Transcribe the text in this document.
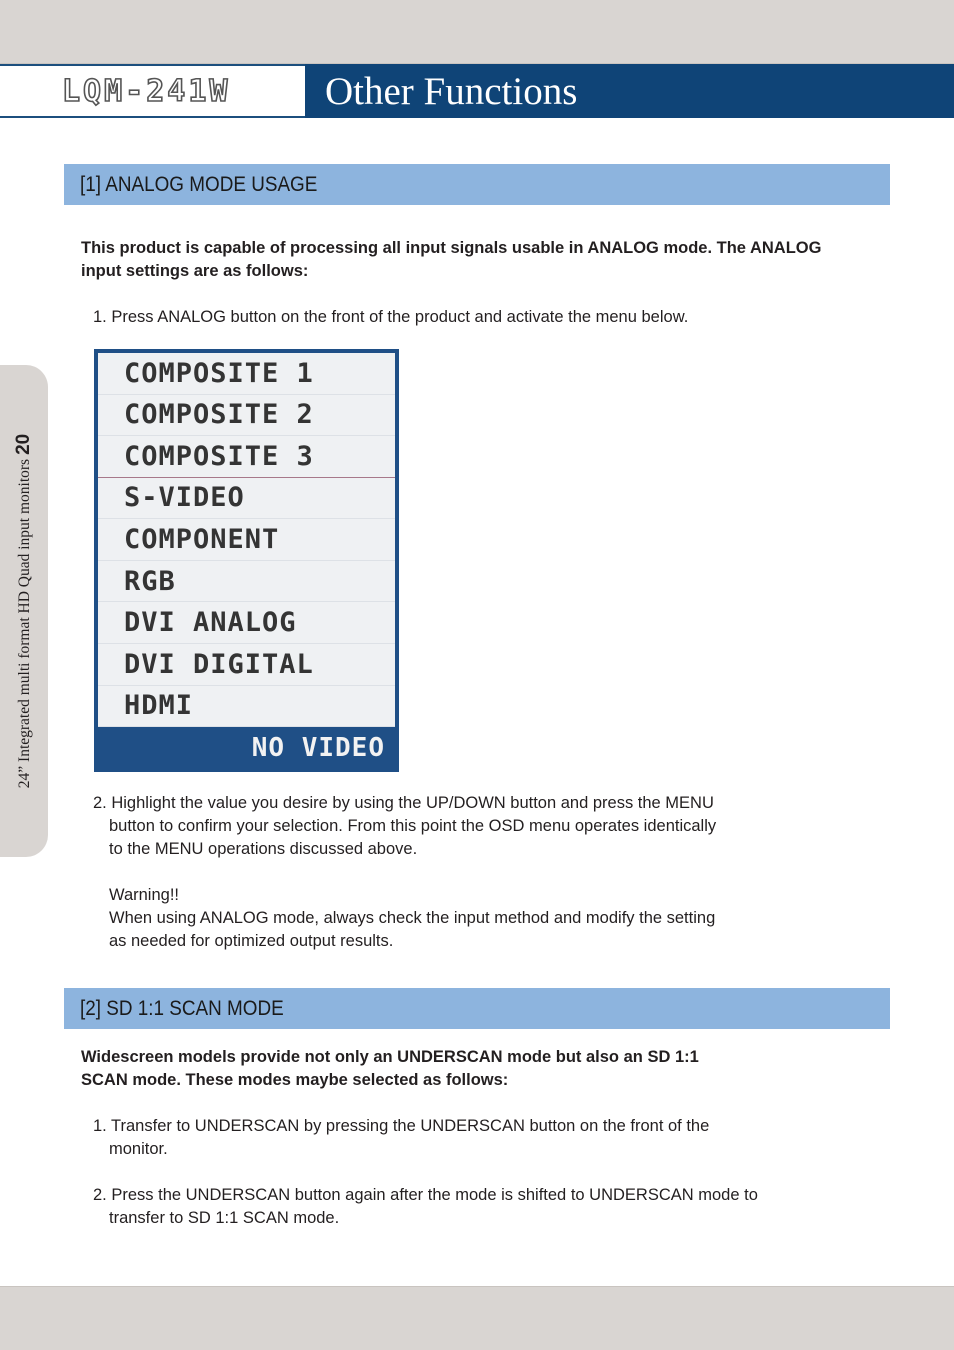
LQM-241W Other Functions
24” Integrated multi format HD Quad input monitors20
[1] ANALOG MODE USAGE
This product is capable of processing all input signals usable in ANALOG mode. The ANALOG
input settings are as follows:
1. Press ANALOG button on the front of the product and activate the menu below.
COMPOSITE 1
COMPOSITE 2
COMPOSITE 3
S-VIDEO
COMPONENT
RGB
DVI ANALOG
DVI DIGITAL
HDMI
NO VIDEO
2. Highlight the value you desire by using the UP/DOWN button and press the MENU
button to confirm your selection. From this point the OSD menu operates identically
to the MENU operations discussed above.
Warning!!
When using ANALOG mode, always check the input method and modify the setting
as needed for optimized output results.
[2] SD 1:1 SCAN MODE
Widescreen models provide not only an UNDERSCAN mode but also an SD 1:1
SCAN mode. These modes maybe selected as follows:
1. Transfer to UNDERSCAN by pressing the UNDERSCAN button on the front of the
monitor.
2. Press the UNDERSCAN button again after the mode is shifted to UNDERSCAN mode to
transfer to SD 1:1 SCAN mode.
